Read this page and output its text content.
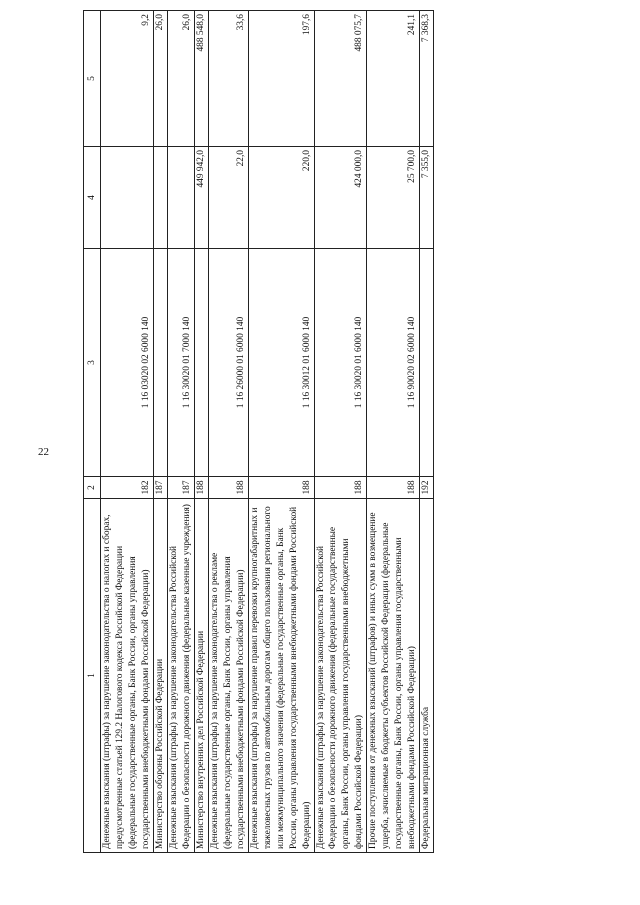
22
1	2	3	4	5
Денежные взыскания (штрафы) за нарушение законодательства о налогах и сборах, предусмотренные статьей 129.2 Налогового кодекса Российской Федерации (федеральные государственные органы, Банк России, органы управления государственными внебюджетными фондами Российской Федерации)	182	1 16 03020 02 6000 140		9,2
Министерство обороны Российской Федерации	187			26,0
Денежные взыскания (штрафы) за нарушение законодательства Российской Федерации о безопасности дорожного движения (федеральные казенные учреждения)	187	1 16 30020 01 7000 140		26,0
Министерство внутренних дел Российской Федерации	188		449 942,0	488 548,0
Денежные взыскания (штрафы) за нарушение законодательства о рекламе (федеральные государственные органы, Банк России, органы управления государственными внебюджетными фондами Российской Федерации)	188	1 16 26000 01 6000 140	22,0	33,6
Денежные взыскания (штрафы) за нарушение правил перевозки крупногабаритных и тяжеловесных грузов по автомобильным дорогам общего пользования регионального или межмуниципального значения (федеральные государственные органы, Банк России, органы управления государственными внебюджетными фондами Российской Федерации)	188	1 16 30012 01 6000 140	220,0	197,6
Денежные взыскания (штрафы) за нарушение законодательства Российской Федерации о безопасности дорожного движения (федеральные государственные органы, Банк России, органы управления государственными внебюджетными фондами Российской Федерации)	188	1 16 30020 01 6000 140	424 000,0	488 075,7
Прочие поступления от денежных взысканий (штрафов) и иных сумм в возмещение ущерба, зачисляемые в бюджеты субъектов Российской Федерации (федеральные государственные органы, Банк России, органы управления государственными внебюджетными фондами Российской Федерации)	188	1 16 90020 02 6000 140	25 700,0	241,1
Федеральная миграционная служба	192		7 355,0	7 368,3
